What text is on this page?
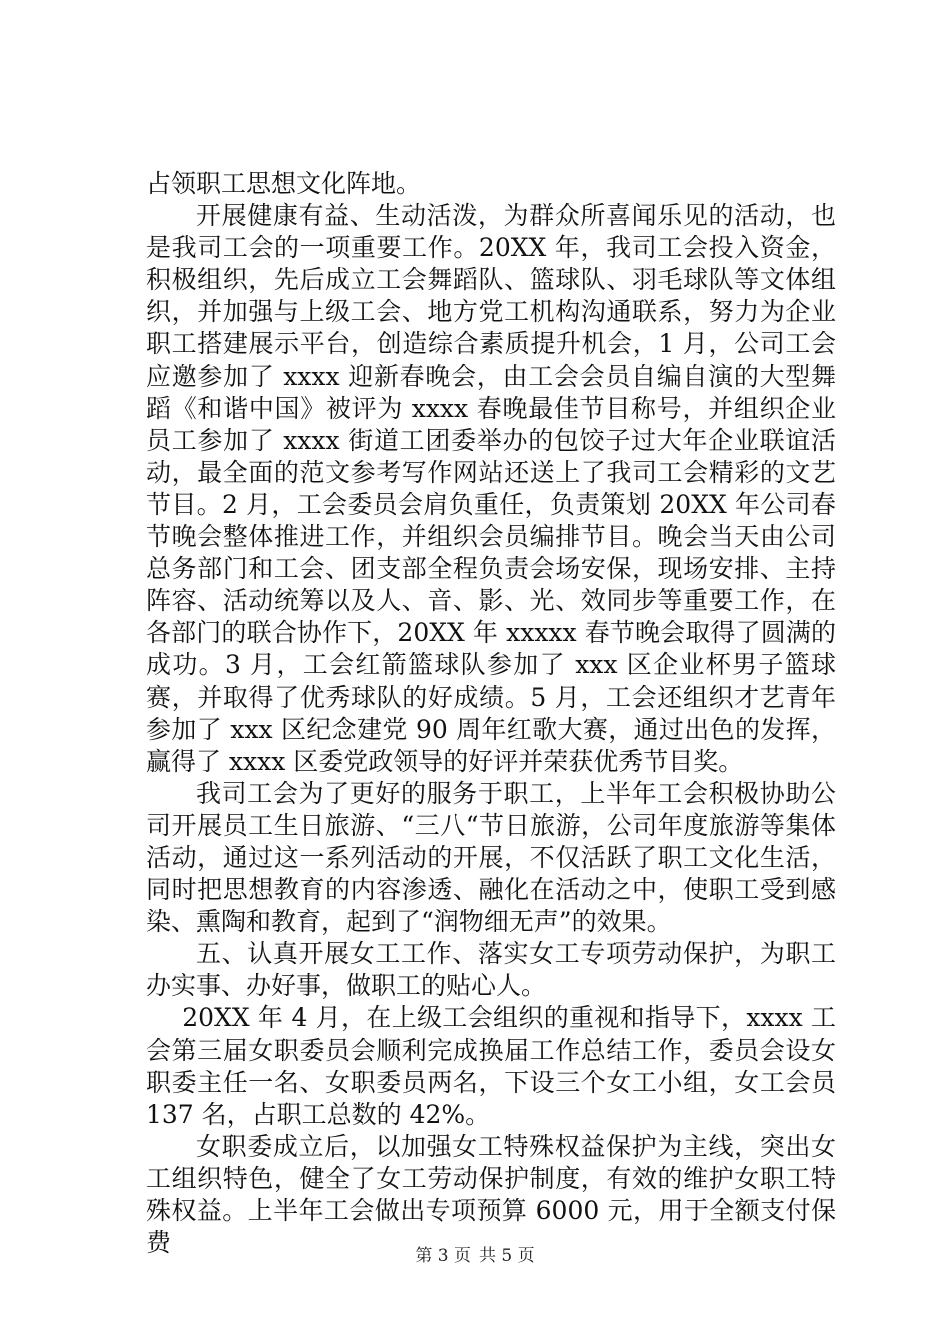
占领职工思想文化阵地。

开展健康有益、生动活泼，为群众所喜闻乐见的活动，也是我司工会的一项重要工作。20XX 年，我司工会投入资金，积极组织，先后成立工会舞蹈队、篮球队、羽毛球队等文体组织，并加强与上级工会、地方党工机构沟通联系，努力为企业职工搭建展示平台，创造综合素质提升机会，1 月，公司工会应邀参加了 xxxx 迎新春晚会，由工会会员自编自演的大型舞蹈《和谐中国》被评为 xxxx 春晚最佳节目称号，并组织企业员工参加了 xxxx 街道工团委举办的包饺子过大年企业联谊活动，最全面的范文参考写作网站还送上了我司工会精彩的文艺节目。2 月，工会委员会肩负重任，负责策划 20XX 年公司春节晚会整体推进工作，并组织会员编排节目。晚会当天由公司总务部门和工会、团支部全程负责会场安保，现场安排、主持阵容、活动统筹以及人、音、影、光、效同步等重要工作，在各部门的联合协作下，20XX 年 xxxxx 春节晚会取得了圆满的成功。3 月，工会红箭篮球队参加了 xxx 区企业杯男子篮球赛，并取得了优秀球队的好成绩。5 月，工会还组织才艺青年参加了 xxx 区纪念建党 90 周年红歌大赛，通过出色的发挥，赢得了 xxxx 区委党政领导的好评并荣获优秀节目奖。

我司工会为了更好的服务于职工，上半年工会积极协助公司开展员工生日旅游、“三八“节日旅游，公司年度旅游等集体活动，通过这一系列活动的开展，不仅活跃了职工文化生活，同时把思想教育的内容渗透、融化在活动之中，使职工受到感染、熏陶和教育，起到了“润物细无声”的效果。

五、认真开展女工工作、落实女工专项劳动保护，为职工办实事、办好事，做职工的贴心人。

20XX 年 4 月，在上级工会组织的重视和指导下，xxxx 工会第三届女职委员会顺利完成换届工作总结工作，委员会设女职委主任一名、女职委员两名，下设三个女工小组，女工会员 137 名，占职工总数的 42%。

女职委成立后，以加强女工特殊权益保护为主线，突出女工组织特色，健全了女工劳动保护制度，有效的维护女职工特殊权益。上半年工会做出专项预算 6000 元，用于全额支付保费	第 3 页 共 5 页
